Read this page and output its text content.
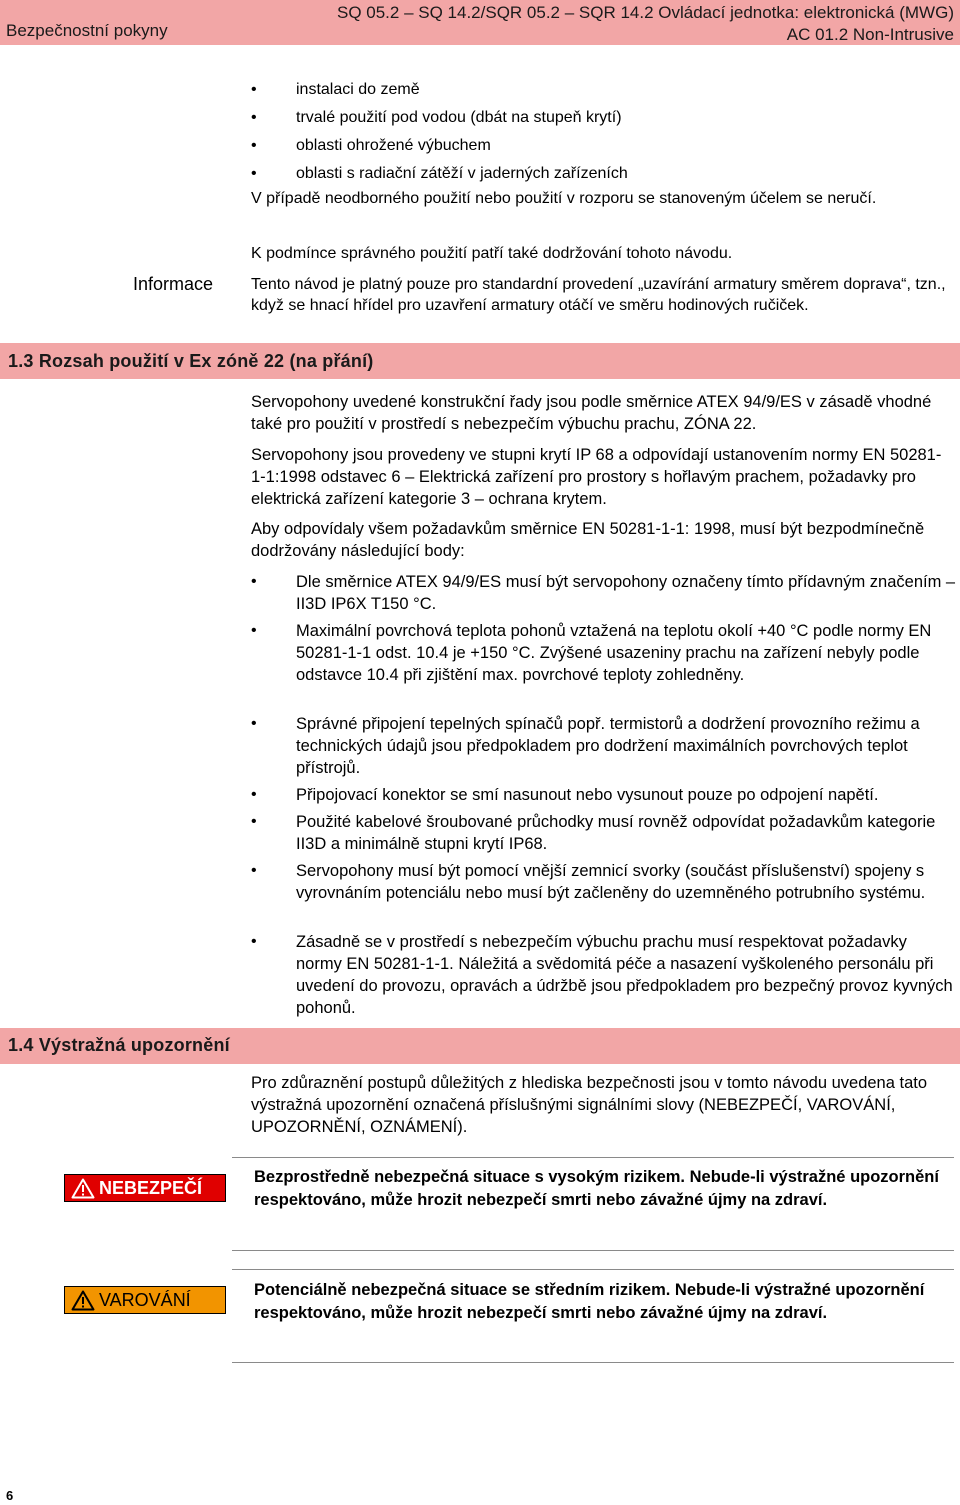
Bezpečnostní pokyny
SQ 05.2 – SQ 14.2/SQR 05.2 – SQR 14.2 Ovládací jednotka: elektronická (MWG)
AC 01.2 Non-Intrusive
• instalaci do země
• trvalé použití pod vodou (dbát na stupeň krytí)
• oblasti ohrožené výbuchem
• oblasti s radiační zátěží v jaderných zařízeních
V případě neodborného použití nebo použití v rozporu se stanoveným účelem se neručí.
K podmínce správného použití patří také dodržování tohoto návodu.
Informace Tento návod je platný pouze pro standardní provedení „uzavírání armatury směrem doprava“, tzn., když se hnací hřídel pro uzavření armatury otáčí ve směru hodinových ručiček.
1.3 Rozsah použití v Ex zóně 22 (na přání)
Servopohony uvedené konstrukční řady jsou podle směrnice ATEX 94/9/ES v zásadě vhodné také pro použití v prostředí s nebezpečím výbuchu prachu, ZÓNA 22.
Servopohony jsou provedeny ve stupni krytí IP 68 a odpovídají ustanovením normy EN 50281-1-1:1998 odstavec 6 – Elektrická zařízení pro prostory s hořlavým prachem, požadavky pro elektrická zařízení kategorie 3 – ochrana krytem.
Aby odpovídaly všem požadavkům směrnice EN 50281-1-1: 1998, musí být bezpodmínečně dodržovány následující body:
• Dle směrnice ATEX 94/9/ES musí být servopohony označeny tímto přídavným značením – II3D IP6X T150 °C.
• Maximální povrchová teplota pohonů vztažená na teplotu okolí +40 °C podle normy EN 50281-1-1 odst. 10.4 je +150 °C. Zvýšené usazeniny prachu na zařízení nebyly podle odstavce 10.4 při zjištění max. povrchové teploty zohledněny.
• Správné připojení tepelných spínačů popř. termistorů a dodržení provozního režimu a technických údajů jsou předpokladem pro dodržení maximálních povrchových teplot přístrojů.
• Připojovací konektor se smí nasunout nebo vysunout pouze po odpojení napětí.
• Použité kabelové šroubované průchodky musí rovněž odpovídat požadavkům kategorie II3D a minimálně stupni krytí IP68.
• Servopohony musí být pomocí vnější zemnicí svorky (součást příslušenství) spojeny s vyrovnáním potenciálu nebo musí být začleněny do uzemněného potrubního systému.
• Zásadně se v prostředí s nebezpečím výbuchu prachu musí respektovat požadavky normy EN 50281-1-1. Náležitá a svědomitá péče a nasazení vyškoleného personálu při uvedení do provozu, opravách a údržbě jsou předpokladem pro bezpečný provoz kyvných pohonů.
1.4 Výstražná upozornění
Pro zdůraznění postupů důležitých z hlediska bezpečnosti jsou v tomto návodu uvedena tato výstražná upozornění označená příslušnými signálními slovy (NEBEZPEČÍ, VAROVÁNÍ, UPOZORNĚNÍ, OZNÁMENÍ).
NEBEZPEČÍ
Bezprostředně nebezpečná situace s vysokým rizikem. Nebude-li výstražné upozornění respektováno, může hrozit nebezpečí smrti nebo závažné újmy na zdraví.
VAROVÁNÍ	Potenciálně nebezpečná situace se středním rizikem. Nebude-li výstražné upozornění respektováno, může hrozit nebezpečí smrti nebo závažné újmy na zdraví.
6
